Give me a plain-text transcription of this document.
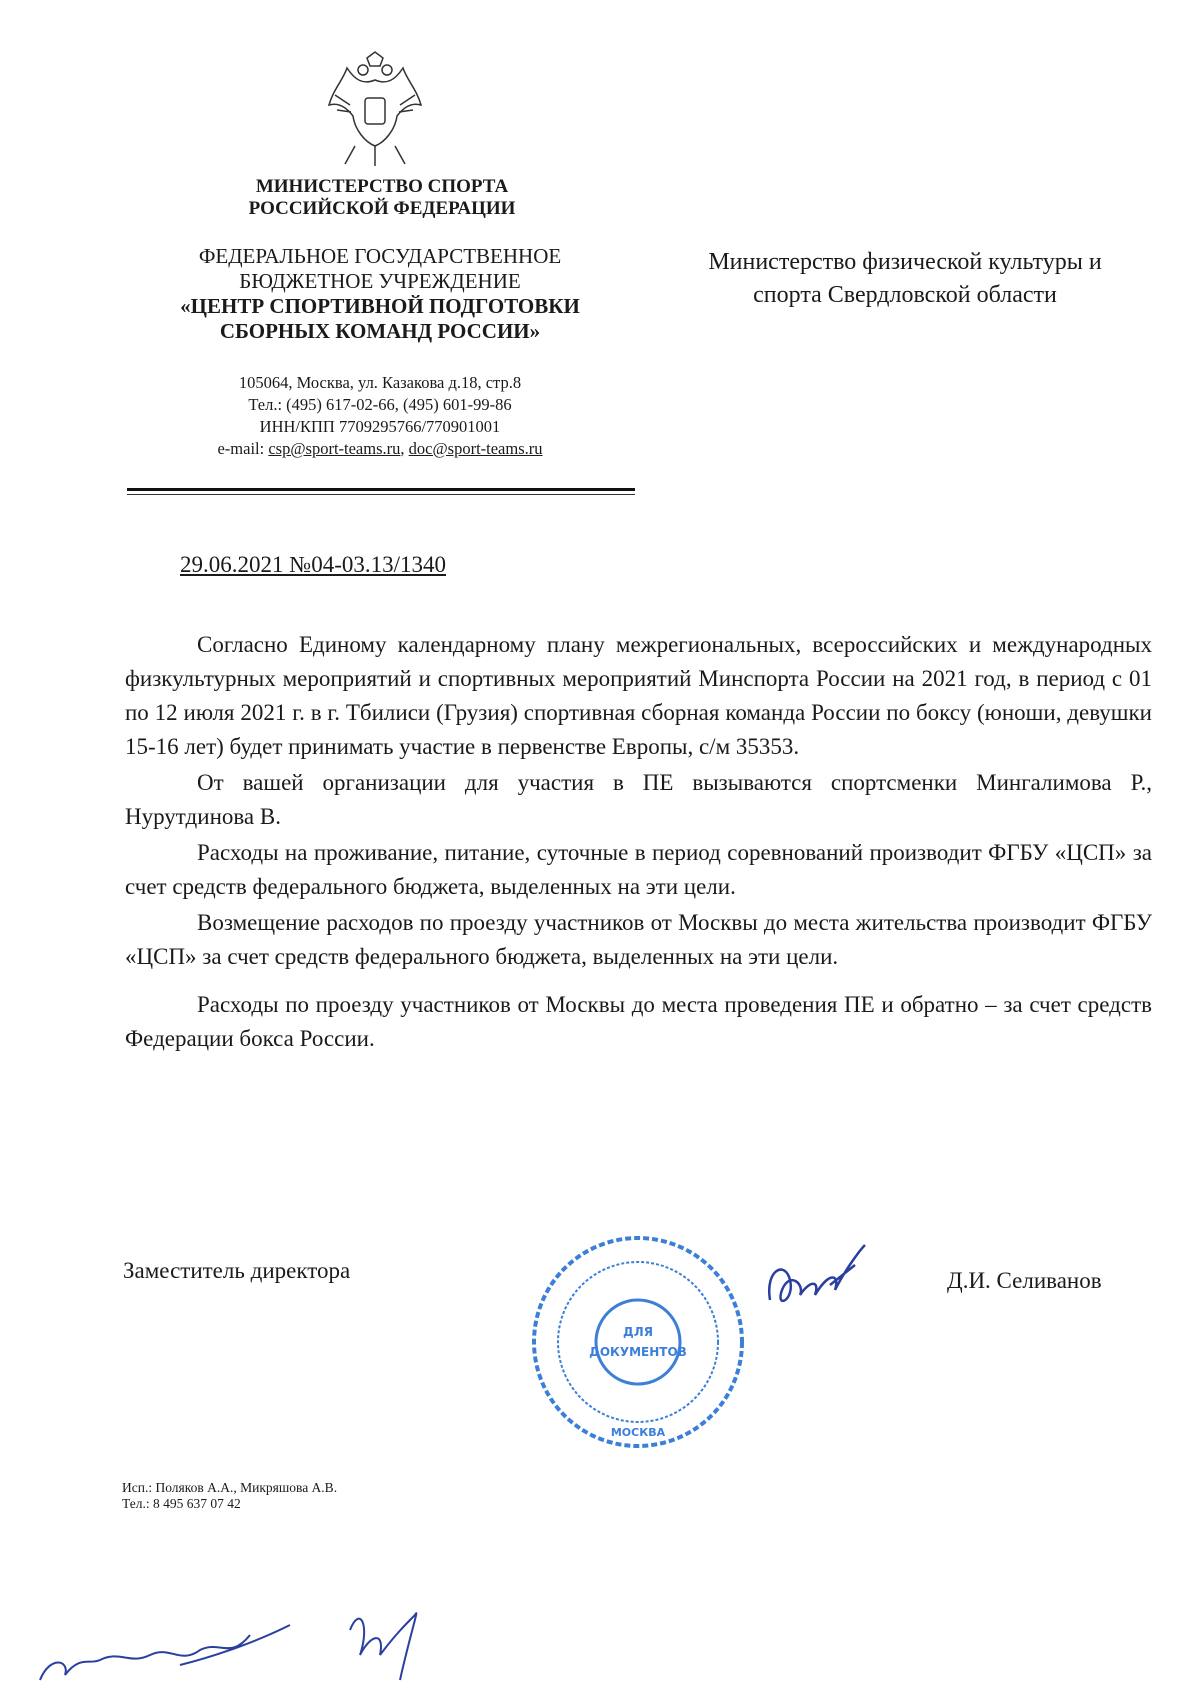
МИНИСТЕРСТВО СПОРТА
РОССИЙСКОЙ ФЕДЕРАЦИИ
ФЕДЕРАЛЬНОЕ ГОСУДАРСТВЕННОЕ
БЮДЖЕТНОЕ УЧРЕЖДЕНИЕ
«ЦЕНТР СПОРТИВНОЙ ПОДГОТОВКИ
СБОРНЫХ КОМАНД РОССИИ»
105064, Москва, ул. Казакова д.18, стр.8
Тел.: (495) 617-02-66, (495) 601-99-86
ИНН/КПП 7709295766/770901001
e-mail: csp@sport-teams.ru, doc@sport-teams.ru
Министерство физической культуры и
спорта Свердловской области
29.06.2021 №04-03.13/1340

Согласно Единому календарному плану межрегиональных, всероссийских и международных физкультурных мероприятий и спортивных мероприятий Минспорта России на 2021 год, в период с 01 по 12 июля 2021 г. в г. Тбилиси (Грузия) спортивная сборная команда России по боксу (юноши, девушки 15-16 лет) будет принимать участие в первенстве Европы, с/м 35353.

От вашей организации для участия в ПЕ вызываются спортсменки Мингалимова Р., Нурутдинова В.

Расходы на проживание, питание, суточные в период соревнований производит ФГБУ «ЦСП» за счет средств федерального бюджета, выделенных на эти цели.

Возмещение расходов по проезду участников от Москвы до места жительства производит ФГБУ «ЦСП» за счет средств федерального бюджета, выделенных на эти цели.

Расходы по проезду участников от Москвы до места проведения ПЕ и обратно – за счет средств Федерации бокса России.

Заместитель директора	Д.И. Селиванов
ДЛЯ
ДОКУМЕНТОВ
МОСКВА
Исп.: Поляков А.А., Микряшова А.В.
Тел.: 8 495 637 07 42
